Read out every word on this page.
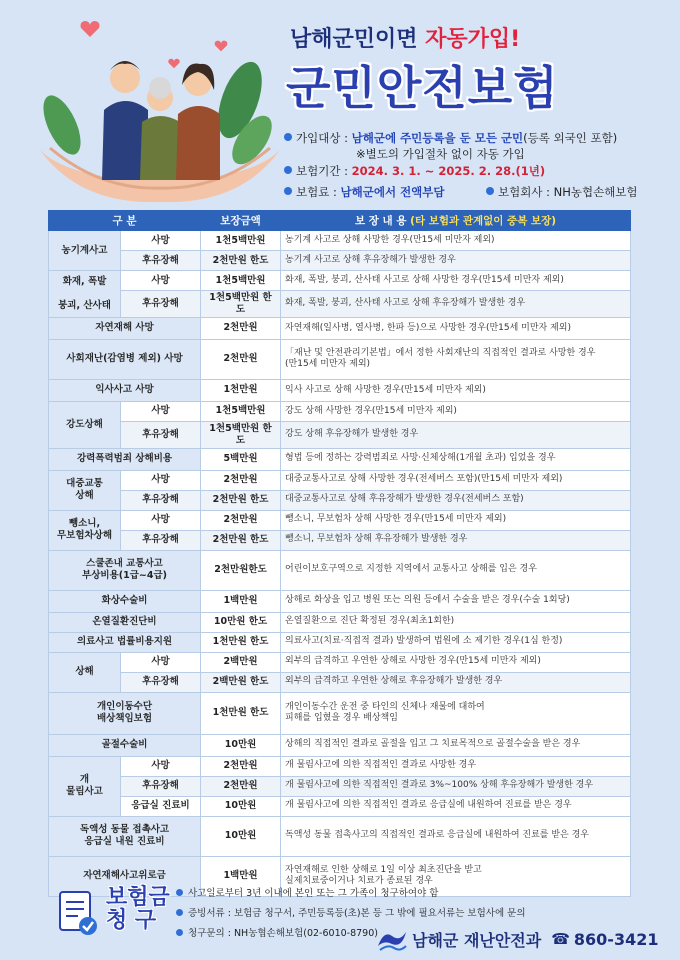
남해군민이면 자동가입!
군민안전보험
가입대상 : 남해군에 주민등록을 둔 모든 군민(등록 외국인 포함)
※별도의 가입절차 없이 자동 가입
보험기간 : 2024. 3. 1. ~ 2025. 2. 28.(1년)
보험료 : 남해군에서 전액부담	보험회사 : NH농협손해보험
구 분		보장금액	보 장 내 용 (타 보험과 관계없이 중복 보장)
농기계사고	사망	1천5백만원	농기계 사고로 상해 사망한 경우(만15세 미만자 제외)
	후유장해	2천만원 한도	농기계 사고로 상해 후유장해가 발생한 경우
화재, 폭발

붕괴, 산사태	사망	1천5백만원	화재, 폭발, 붕괴, 산사태 사고로 상해 사망한 경우(만15세 미만자 제외)
	후유장해	1천5백만원 한도	화재, 폭발, 붕괴, 산사태 사고로 상해 후유장해가 발생한 경우
자연재해 사망		2천만원	자연재해(일사병, 열사병, 한파 등)으로 사망한 경우(만15세 미만자 제외)
사회재난(감염병 제외) 사망		2천만원	「재난 및 안전관리기본법」에서 정한 사회재난의 직접적인 결과로 사망한 경우
(만15세 미만자 제외)
익사사고 사망		1천만원	익사 사고로 상해 사망한 경우(만15세 미만자 제외)
강도상해	사망	1천5백만원	강도 상해 사망한 경우(만15세 미만자 제외)
	후유장해	1천5백만원 한도	강도 상해 후유장해가 발생한 경우
강력폭력범죄 상해비용		5백만원	형법 등에 정하는 강력범죄로 사망·신체상해(1개월 초과) 입었을 경우
대중교통
상해	사망	2천만원	대중교통사고로 상해 사망한 경우(전세버스 포함)(만15세 미만자 제외)
	후유장해	2천만원 한도	대중교통사고로 상해 후유장해가 발생한 경우(전세버스 포함)
뺑소니,
무보험차상해	사망	2천만원	뺑소니, 무보험차 상해 사망한 경우(만15세 미만자 제외)
	후유장해	2천만원 한도	뺑소니, 무보험차 상해 후유장해가 발생한 경우
스쿨존내 교통사고
부상비용(1급~4급)		2천만원한도	어린이보호구역으로 지정한 지역에서 교통사고 상해를 입은 경우
화상수술비		1백만원	상해로 화상을 입고 병원 또는 의원 등에서 수술을 받은 경우(수술 1회당)
온열질환진단비		10만원 한도	온열질환으로 진단 확정된 경우(최초1회한)
의료사고 법률비용지원		1천만원 한도	의료사고(치료·직접적 결과) 발생하여 법원에 소 제기한 경우(1심 한정)
상해	사망	2백만원	외부의 급격하고 우연한 상해로 사망한 경우(만15세 미만자 제외)
	후유장해	2백만원 한도	외부의 급격하고 우연한 상해로 후유장해가 발생한 경우
개인이동수단
배상책임보험		1천만원 한도	개인이동수간 운전 중 타인의 신체나 재물에 대하여
피해를 입혔을 경우 배상책임
골절수술비		10만원	상해의 직접적인 결과로 골절을 입고 그 치료목적으로 골절수술을 받은 경우
개
물림사고	사망	2천만원	개 물림사고에 의한 직접적인 결과로 사망한 경우
	후유장해	2천만원	개 물림사고에 의한 직접적인 결과로 3%~100% 상해 후유장해가 발생한 경우
	응급실 진료비	10만원	개 물림사고에 의한 직접적인 결과로 응급실에 내원하여 진료를 받은 경우
독액성 동물 접촉사고
응급실 내원 진료비		10만원	독액성 동물 접촉사고의 직접적인 결과로 응급실에 내원하여 진료를 받은 경우
자연재해사고위로금		1백만원	자연재해로 인한 상해로 1일 이상 최초진단을 받고
실제치료중이거나 치료가 종료된 경우
보험금
청 구
사고일로부터 3년 이내에 본인 또는 그 가족이 청구하여야 함
증빙서류 : 보험금 청구서, 주민등록등(초)본 등 그 밖에 필요서류는 보험사에 문의
청구문의 : NH농협손해보험(02-6010-8790)	남해군 재난안전과 ☎ 860-3421
